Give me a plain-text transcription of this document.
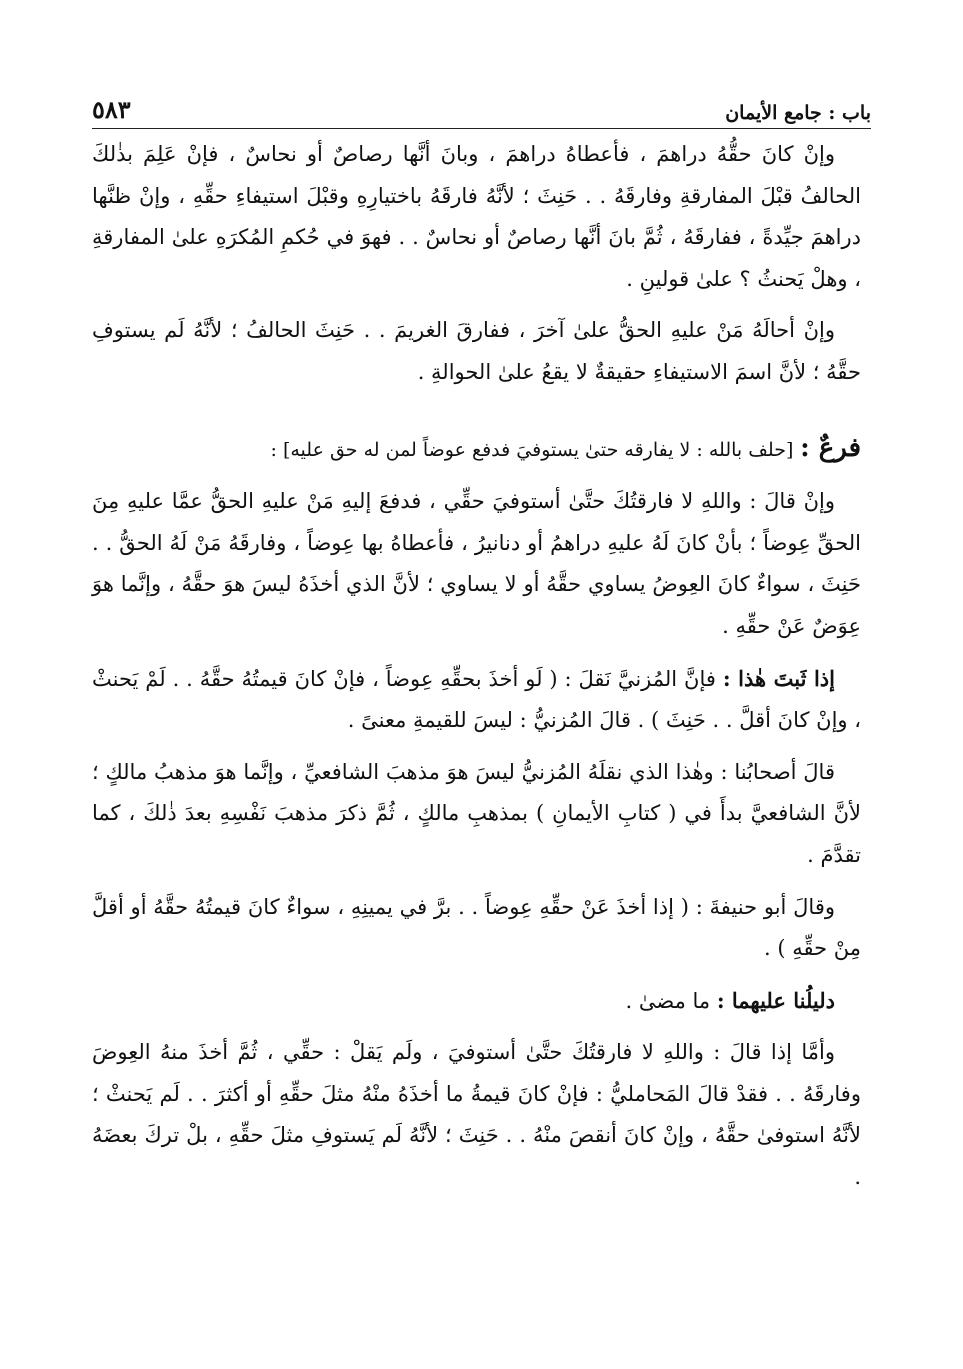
٥٨٣	باب : جامع الأيمان

وإنْ كانَ حقُّهُ دراهمَ ، فأعطاهُ دراهمَ ، وبانَ أنَّها رصاصٌ أو نحاسٌ ، فإنْ عَلِمَ بذٰلكَ الحالفُ قبْلَ المفارقةِ وفارقَهُ . . حَنِثَ ؛ لأنَّهُ فارقَهُ باختيارِهِ وقبْلَ استيفاءِ حقِّهِ ، وإنْ ظنَّها دراهمَ جيِّدةً ، ففارقَهُ ، ثُمَّ بانَ أنَّها رصاصٌ أو نحاسٌ . . فهوَ في حُكمِ المُكرَهِ علىٰ المفارقةِ ، وهلْ يَحنثُ ؟ علىٰ قولينِ .

وإنْ أحالَهُ مَنْ عليهِ الحقُّ علىٰ آخرَ ، ففارقَ الغريمَ . . حَنِثَ الحالفُ ؛ لأنَّهُ لَم يستوفِ حقَّهُ ؛ لأنَّ اسمَ الاستيفاءِ حقيقةٌ لا يقعُ علىٰ الحوالةِ .

فرعٌ : [حلف بالله : لا يفارقه حتىٰ يستوفيَ فدفع عوضاً لمن له حق عليه] :

وإنْ قالَ : واللهِ لا فارقتُكَ حتَّىٰ أستوفيَ حقِّي ، فدفعَ إليهِ مَنْ عليهِ الحقُّ عمَّا عليهِ مِنَ الحقِّ عِوضاً ؛ بأنْ كانَ لَهُ عليهِ دراهمُ أو دنانيرُ ، فأعطاهُ بها عِوضاً ، وفارقَهُ مَنْ لَهُ الحقُّ . . حَنِثَ ، سواءٌ كانَ العِوضُ يساوي حقَّهُ أو لا يساوي ؛ لأنَّ الذي أخذَهُ ليسَ هوَ حقَّهُ ، وإنَّما هوَ عِوَضٌ عَنْ حقِّهِ .

إذا ثَبتَ هٰذا : فإنَّ المُزنيَّ نَقلَ : ( لَو أخذَ بحقِّهِ عِوضاً ، فإنْ كانَ قيمتُهُ حقَّهُ . . لَمْ يَحنثْ ، وإنْ كانَ أقلَّ . . حَنِثَ ) . قالَ المُزنيُّ : ليسَ للقيمةِ معنىً .

قالَ أصحابُنا : وهٰذا الذي نقلَهُ المُزنيُّ ليسَ هوَ مذهبَ الشافعيِّ ، وإنَّما هوَ مذهبُ مالكٍ ؛ لأنَّ الشافعيَّ بدأَ في ( كتابِ الأيمانِ ) بمذهبِ مالكٍ ، ثُمَّ ذكرَ مذهبَ نَفْسِهِ بعدَ ذٰلكَ ، كما تقدَّمَ .

وقالَ أبو حنيفةَ : ( إذا أخذَ عَنْ حقِّهِ عِوضاً . . برَّ في يمينِهِ ، سواءٌ كانَ قيمتُهُ حقَّهُ أو أقلَّ مِنْ حقِّهِ ) .

دليلُنا عليهما : ما مضىٰ .

وأمَّا إذا قالَ : واللهِ لا فارقتُكَ حتَّىٰ أستوفيَ ، ولَم يَقلْ : حقِّي ، ثُمَّ أخذَ منهُ العِوضَ وفارقَهُ . . فقدْ قالَ المَحامليُّ : فإنْ كانَ قيمةُ ما أخذَهُ منْهُ مثلَ حقِّهِ أو أكثرَ . . لَم يَحنثْ ؛ لأنَّهُ استوفىٰ حقَّهُ ، وإنْ كانَ أنقصَ منْهُ . . حَنِثَ ؛ لأنَّهُ لَم يَستوفِ مثلَ حقِّهِ ، بلْ تركَ بعضَهُ .
